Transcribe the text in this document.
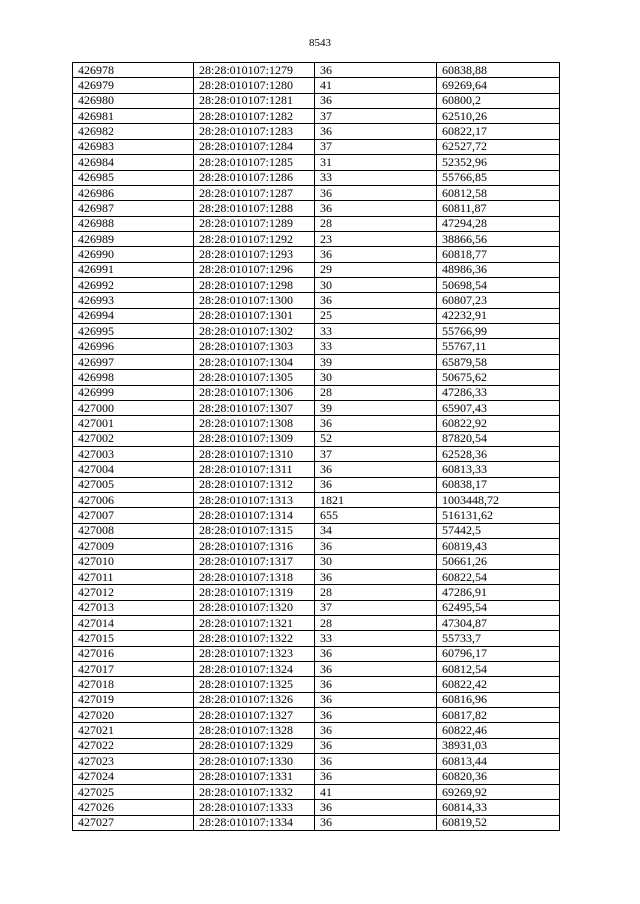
8543
426978	28:28:010107:1279	36	60838,88
426979	28:28:010107:1280	41	69269,64
426980	28:28:010107:1281	36	60800,2
426981	28:28:010107:1282	37	62510,26
426982	28:28:010107:1283	36	60822,17
426983	28:28:010107:1284	37	62527,72
426984	28:28:010107:1285	31	52352,96
426985	28:28:010107:1286	33	55766,85
426986	28:28:010107:1287	36	60812,58
426987	28:28:010107:1288	36	60811,87
426988	28:28:010107:1289	28	47294,28
426989	28:28:010107:1292	23	38866,56
426990	28:28:010107:1293	36	60818,77
426991	28:28:010107:1296	29	48986,36
426992	28:28:010107:1298	30	50698,54
426993	28:28:010107:1300	36	60807,23
426994	28:28:010107:1301	25	42232,91
426995	28:28:010107:1302	33	55766,99
426996	28:28:010107:1303	33	55767,11
426997	28:28:010107:1304	39	65879,58
426998	28:28:010107:1305	30	50675,62
426999	28:28:010107:1306	28	47286,33
427000	28:28:010107:1307	39	65907,43
427001	28:28:010107:1308	36	60822,92
427002	28:28:010107:1309	52	87820,54
427003	28:28:010107:1310	37	62528,36
427004	28:28:010107:1311	36	60813,33
427005	28:28:010107:1312	36	60838,17
427006	28:28:010107:1313	1821	1003448,72
427007	28:28:010107:1314	655	516131,62
427008	28:28:010107:1315	34	57442,5
427009	28:28:010107:1316	36	60819,43
427010	28:28:010107:1317	30	50661,26
427011	28:28:010107:1318	36	60822,54
427012	28:28:010107:1319	28	47286,91
427013	28:28:010107:1320	37	62495,54
427014	28:28:010107:1321	28	47304,87
427015	28:28:010107:1322	33	55733,7
427016	28:28:010107:1323	36	60796,17
427017	28:28:010107:1324	36	60812,54
427018	28:28:010107:1325	36	60822,42
427019	28:28:010107:1326	36	60816,96
427020	28:28:010107:1327	36	60817,82
427021	28:28:010107:1328	36	60822,46
427022	28:28:010107:1329	36	38931,03
427023	28:28:010107:1330	36	60813,44
427024	28:28:010107:1331	36	60820,36
427025	28:28:010107:1332	41	69269,92
427026	28:28:010107:1333	36	60814,33
427027	28:28:010107:1334	36	60819,52
